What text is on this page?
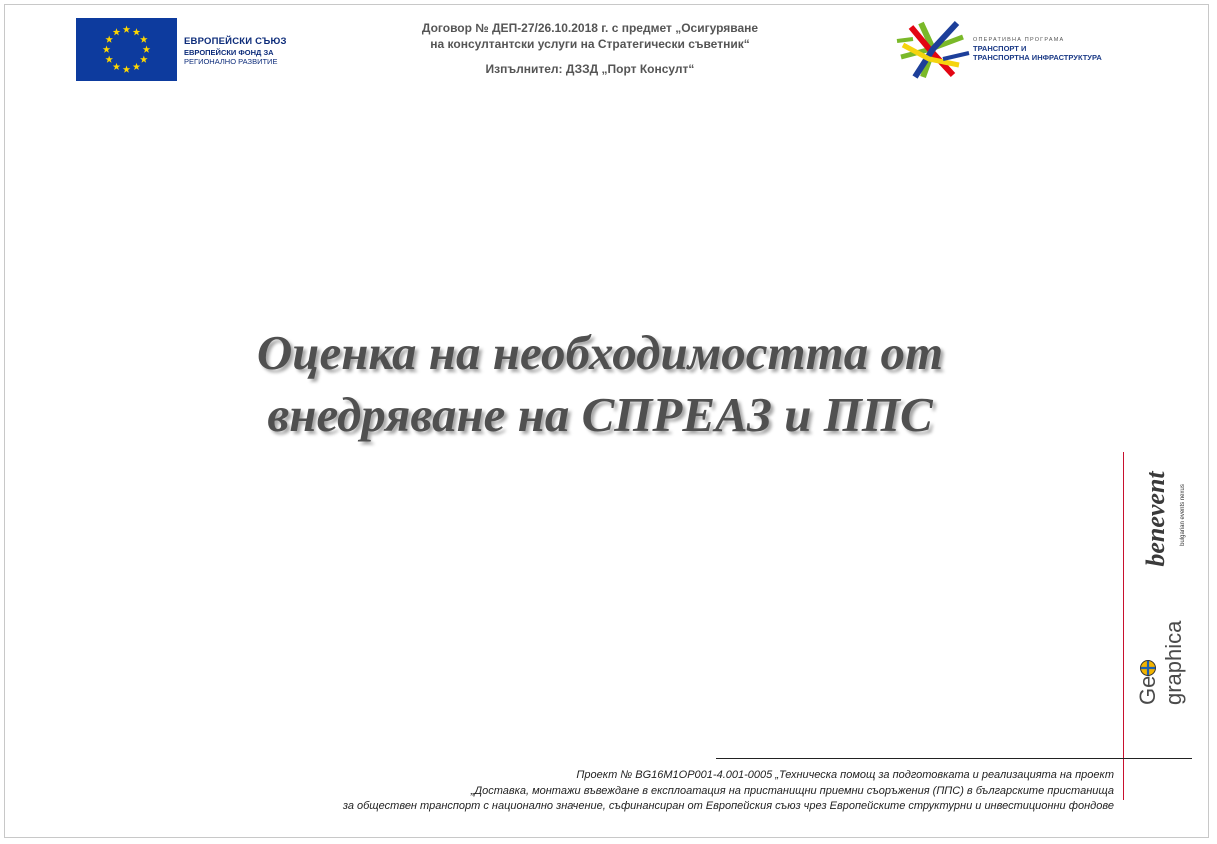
ЕВРОПЕЙСКИ СЪЮЗ
ЕВРОПЕЙСКИ ФОНД ЗА
РЕГИОНАЛНО РАЗВИТИЕ
Договор № ДЕП-27/26.10.2018 г. с предмет „Осигуряване
на консултантски услуги на Стратегически съветник“
Изпълнител: ДЗЗД „Порт Консулт“
ОПЕРАТИВНА ПРОГРАМА
ТРАНСПОРТ И
ТРАНСПОРТНА ИНФРАСТРУКТУРА
Оценка на необходимостта от
внедряване на СПРЕАЗ и ППС
benevent bulgarian events nexus
Gegraphica
Проект № BG16M1OP001-4.001-0005 „Техническа помощ за подготовката и реализацията на проект
„Доставка, монтажи въвеждане в експлоатация на пристанищни приемни съоръжения (ППС) в българските пристанища
за обществен транспорт с национално значение, съфинансиран от Европейския съюз чрез Европейските структурни и инвестиционни фондове
